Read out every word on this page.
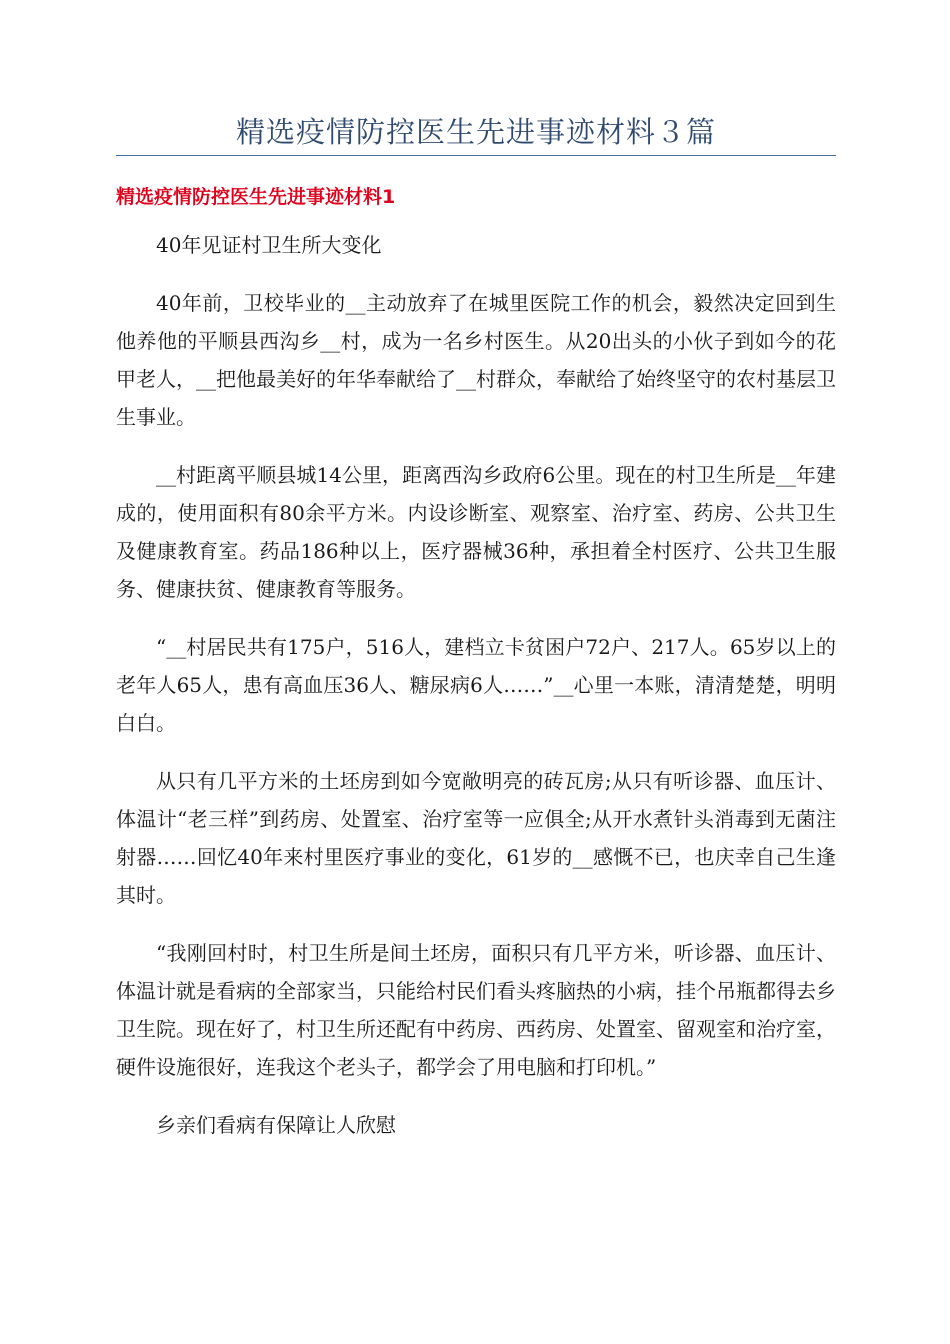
精选疫情防控医生先进事迹材料３篇
精选疫情防控医生先进事迹材料1

40年见证村卫生所大变化

40年前，卫校毕业的__主动放弃了在城里医院工作的机会，毅然决定回到生他养他的平顺县西沟乡__村，成为一名乡村医生。从20出头的小伙子到如今的花甲老人，__把他最美好的年华奉献给了__村群众，奉献给了始终坚守的农村基层卫生事业。

__村距离平顺县城14公里，距离西沟乡政府6公里。现在的村卫生所是__年建成的，使用面积有80余平方米。内设诊断室、观察室、治疗室、药房、公共卫生及健康教育室。药品186种以上，医疗器械36种，承担着全村医疗、公共卫生服务、健康扶贫、健康教育等服务。

“__村居民共有175户，516人，建档立卡贫困户72户、217人。65岁以上的老年人65人，患有高血压36人、糖尿病6人……”__心里一本账，清清楚楚，明明白白。

从只有几平方米的土坯房到如今宽敞明亮的砖瓦房;从只有听诊器、血压计、体温计“老三样”到药房、处置室、治疗室等一应俱全;从开水煮针头消毒到无菌注射器……回忆40年来村里医疗事业的变化，61岁的__感慨不已，也庆幸自己生逢其时。

“我刚回村时，村卫生所是间土坯房，面积只有几平方米，听诊器、血压计、体温计就是看病的全部家当，只能给村民们看头疼脑热的小病，挂个吊瓶都得去乡卫生院。现在好了，村卫生所还配有中药房、西药房、处置室、留观室和治疗室，硬件设施很好，连我这个老头子，都学会了用电脑和打印机。”

乡亲们看病有保障让人欣慰
